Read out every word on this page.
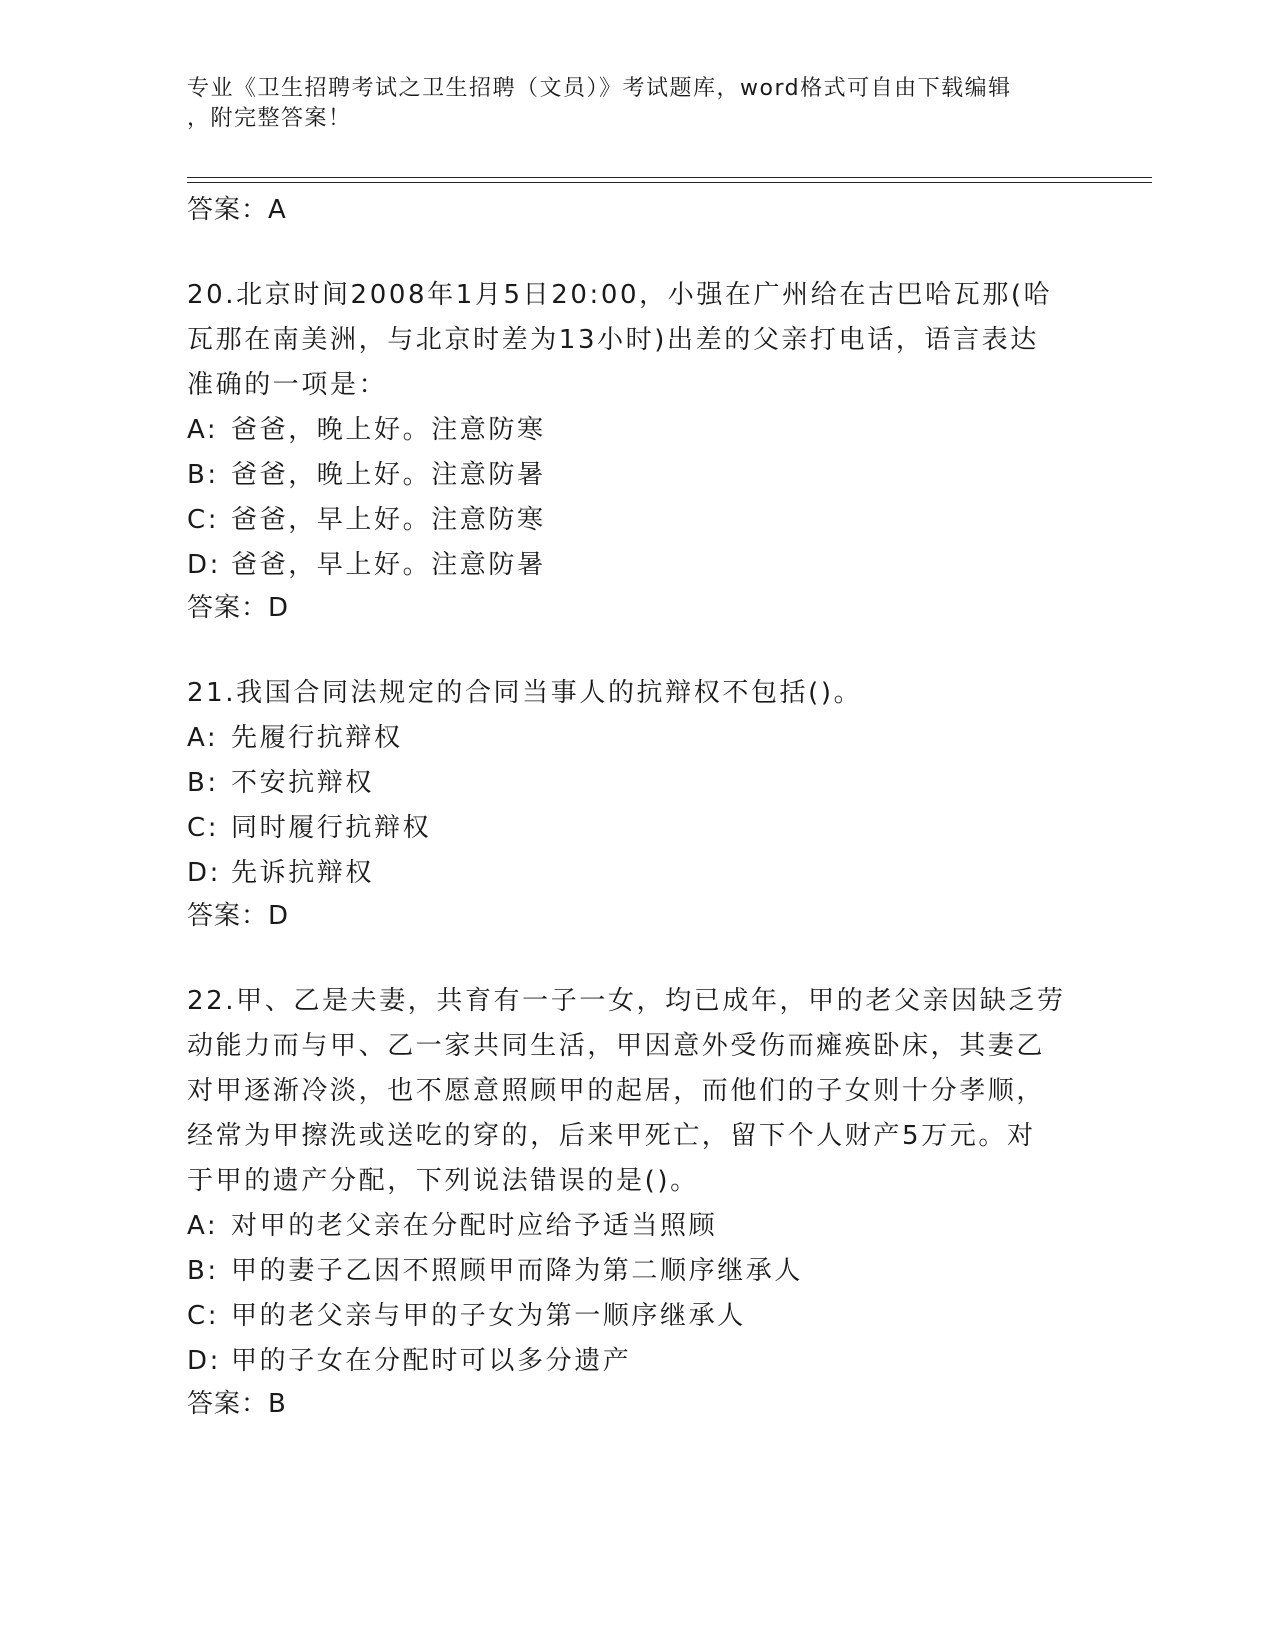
专业《卫生招聘考试之卫生招聘（文员）》考试题库，word格式可自由下载编辑

，附完整答案！

答案：A

20.北京时间2008年1月5日20:00，小强在广州给在古巴哈瓦那(哈
瓦那在南美洲，与北京时差为13小时)出差的父亲打电话，语言表达
准确的一项是：

A: 爸爸，晚上好。注意防寒

B: 爸爸，晚上好。注意防暑

C: 爸爸，早上好。注意防寒

D: 爸爸，早上好。注意防暑

答案：D

21.我国合同法规定的合同当事人的抗辩权不包括()。

A: 先履行抗辩权

B: 不安抗辩权

C: 同时履行抗辩权

D: 先诉抗辩权

答案：D

22.甲、乙是夫妻，共育有一子一女，均已成年，甲的老父亲因缺乏劳
动能力而与甲、乙一家共同生活，甲因意外受伤而瘫痪卧床，其妻乙
对甲逐渐冷淡，也不愿意照顾甲的起居，而他们的子女则十分孝顺，
经常为甲擦洗或送吃的穿的，后来甲死亡，留下个人财产5万元。对
于甲的遗产分配，下列说法错误的是()。

A: 对甲的老父亲在分配时应给予适当照顾

B: 甲的妻子乙因不照顾甲而降为第二顺序继承人

C: 甲的老父亲与甲的子女为第一顺序继承人

D: 甲的子女在分配时可以多分遗产

答案：B
